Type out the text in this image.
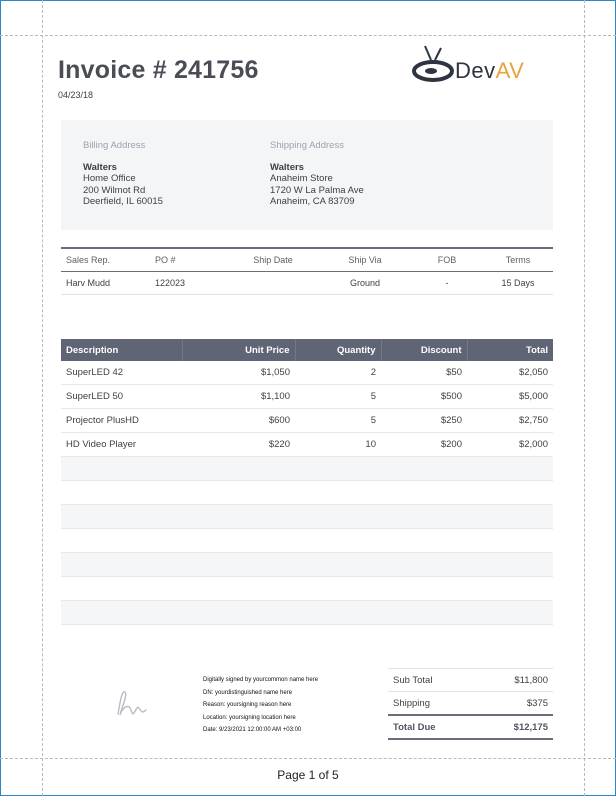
Invoice # 241756
04/23/18
DevAV
Billing Address
Walters
Home Office
200 Wilmot Rd
Deerfield, IL 60015
Shipping Address
Walters
Anaheim Store
1720 W La Palma Ave
Anaheim, CA 83709
Sales Rep.	PO #	Ship Date	Ship Via	FOB	Terms
Harv Mudd	122023		Ground	-	15 Days
Description	Unit Price	Quantity	Discount	Total
SuperLED 42	$1,050	2	$50	$2,050
SuperLED 50	$1,100	5	$500	$5,000
Projector PlusHD	$600	5	$250	$2,750
HD Video Player	$220	10	$200	$2,000

Digitally signed by yourcommon name here
DN: yourdistinguished name here
Reason: yoursigning reason here
Location: yoursigning location here
Date: 9/23/2021 12:00:00 AM +03:00
Sub Total	$11,800
Shipping	$375
Total Due	$12,175
Page 1 of 5
